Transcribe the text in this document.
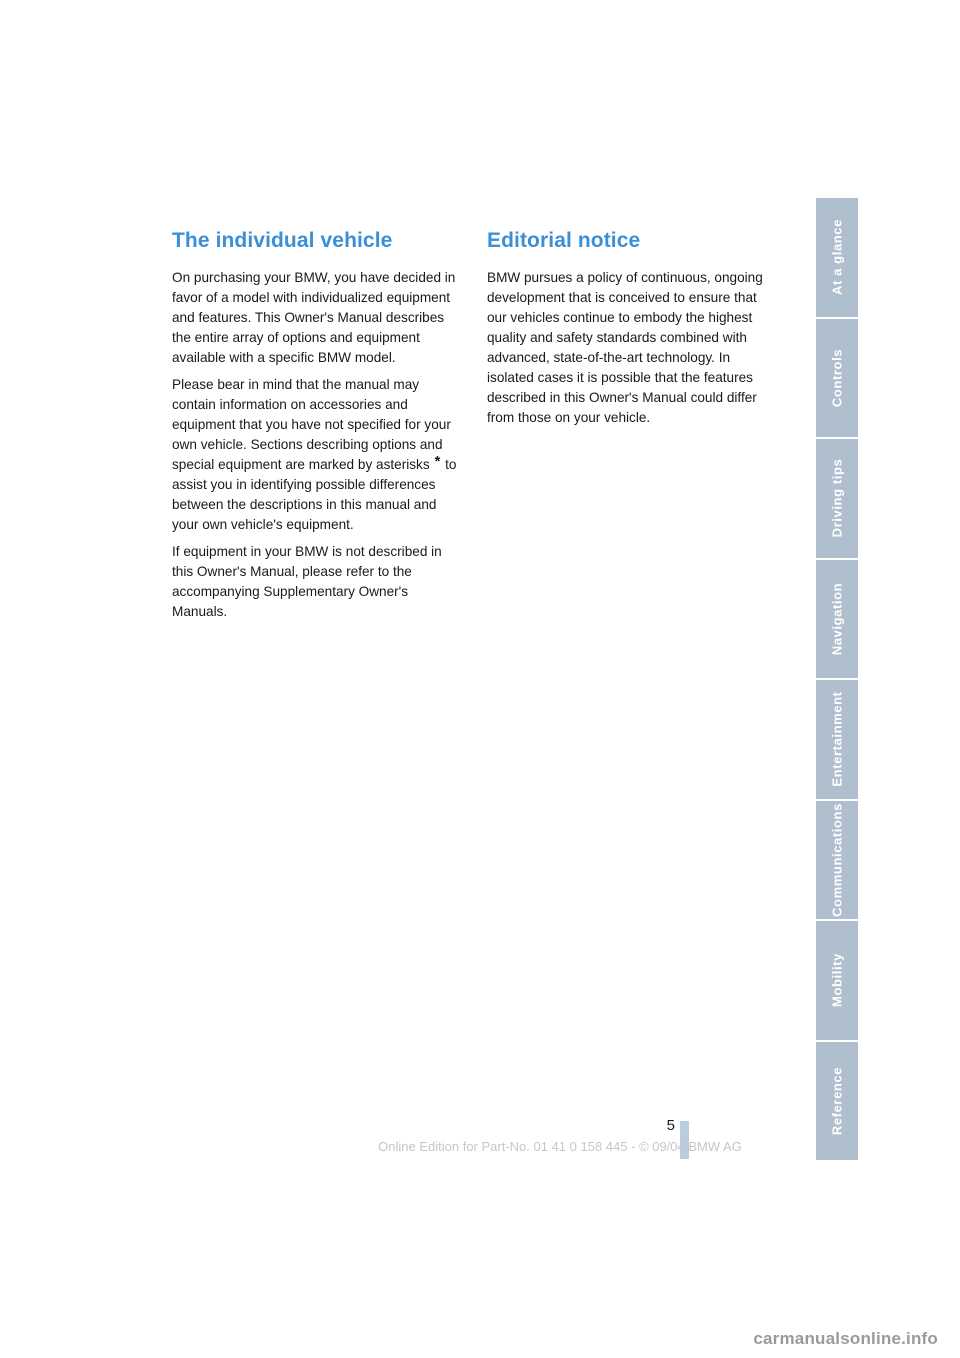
The individual vehicle

On purchasing your BMW, you have decided in favor of a model with individualized equipment and features. This Owner's Manual describes the entire array of options and equipment available with a specific BMW model.

Please bear in mind that the manual may contain information on accessories and equipment that you have not specified for your own vehicle. Sections describing options and special equipment are marked by asterisks * to assist you in identifying possible differences between the descriptions in this manual and your own vehicle's equipment.

If equipment in your BMW is not described in this Owner's Manual, please refer to the accompanying Supplementary Owner's Manuals.

Editorial notice

BMW pursues a policy of continuous, ongoing development that is conceived to ensure that our vehicles continue to embody the highest quality and safety standards combined with advanced, state-of-the-art technology. In isolated cases it is possible that the features described in this Owner's Manual could differ from those on your vehicle.

At a glance
Controls
Driving tips
Navigation
Entertainment
Communications
Mobility
Reference
5
Online Edition for Part-No. 01 41 0 158 445 - © 09/04 BMW AG
carmanualsonline.info
